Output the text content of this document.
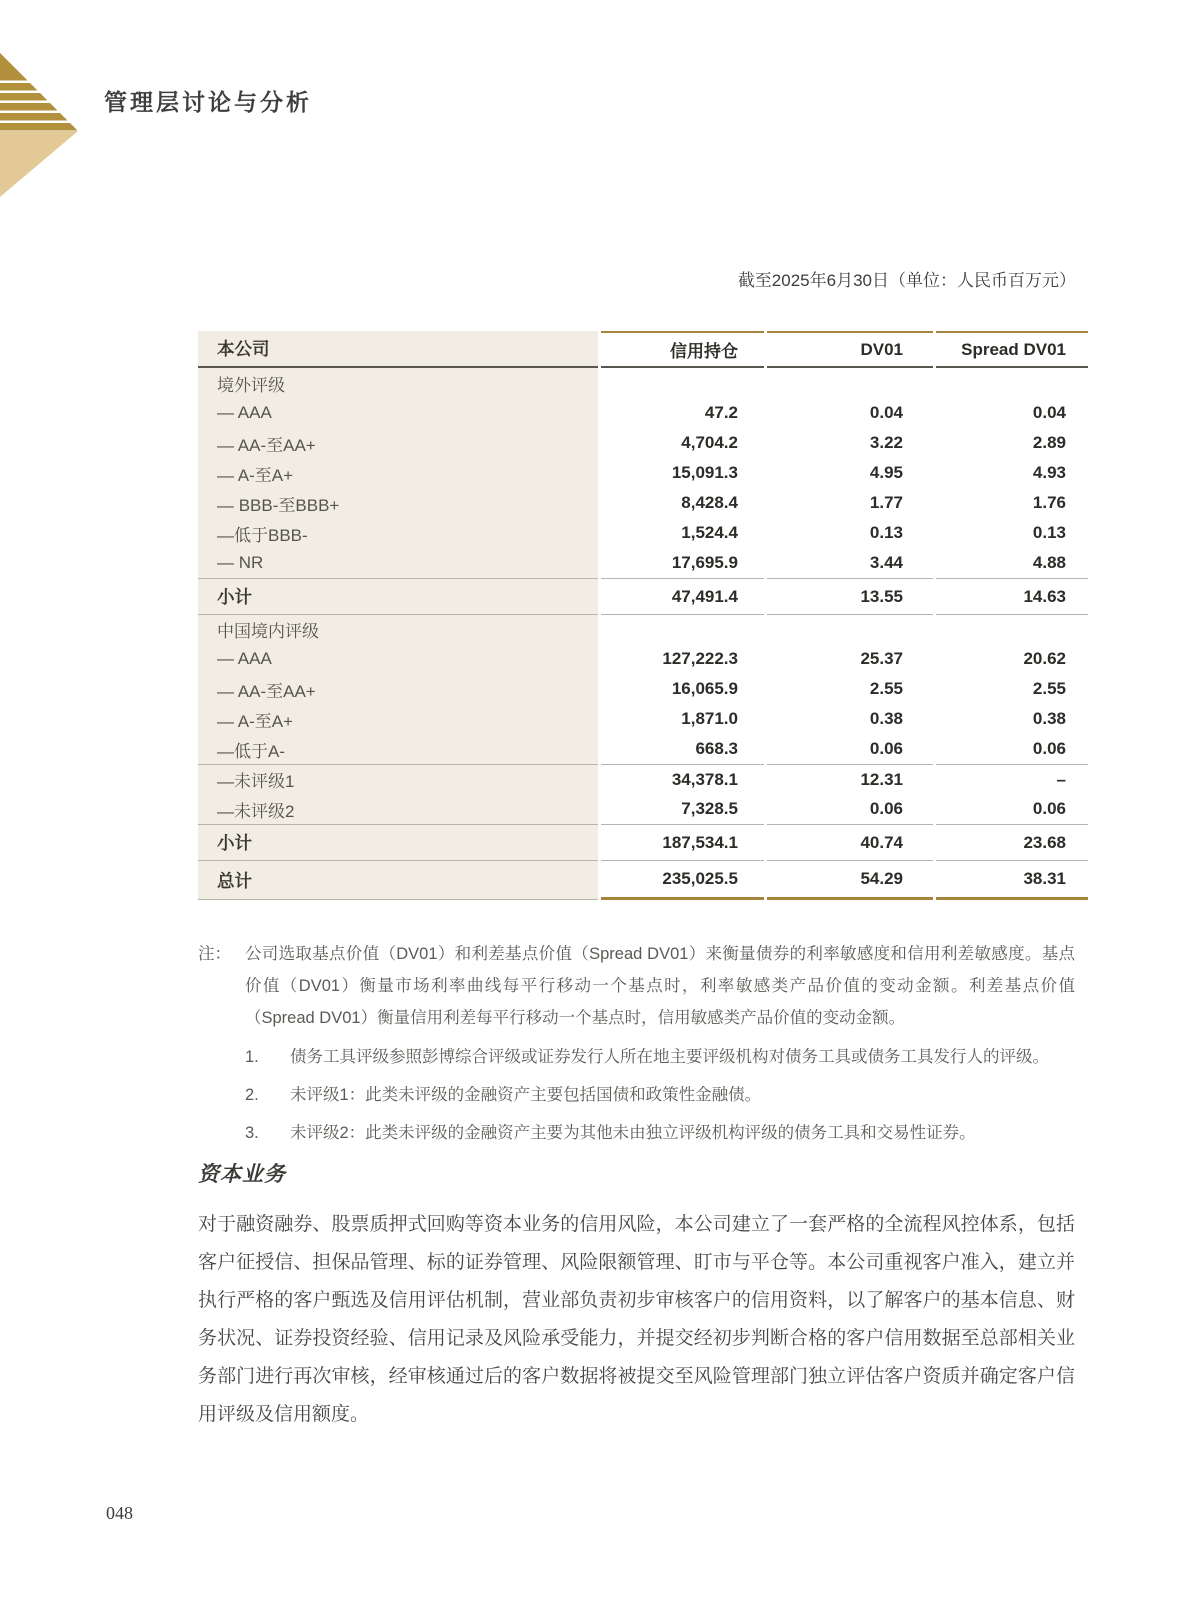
管理层讨论与分析
截至2025年6月30日（单位：人民币百万元）
本公司	信用持仓	DV01	Spread DV01
境外评级
— AAA	47.2	0.04	0.04
— AA-至AA+	4,704.2	3.22	2.89
— A-至A+	15,091.3	4.95	4.93
— BBB-至BBB+	8,428.4	1.77	1.76
—低于BBB-	1,524.4	0.13	0.13
— NR	17,695.9	3.44	4.88
小计	47,491.4	13.55	14.63
中国境内评级
— AAA	127,222.3	25.37	20.62
— AA-至AA+	16,065.9	2.55	2.55
— A-至A+	1,871.0	0.38	0.38
—低于A-	668.3	0.06	0.06
—未评级1	34,378.1	12.31	–
—未评级2	7,328.5	0.06	0.06
小计	187,534.1	40.74	23.68
总计	235,025.5	54.29	38.31
注： 公司选取基点价值（DV01）和利差基点价值（Spread DV01）来衡量债券的利率敏感度和信用利差敏感度。基点价值（DV01）衡量市场利率曲线每平行移动一个基点时，利率敏感类产品价值的变动金额。利差基点价值（Spread DV01）衡量信用利差每平行移动一个基点时，信用敏感类产品价值的变动金额。
1.	债务工具评级参照彭博综合评级或证券发行人所在地主要评级机构对债务工具或债务工具发行人的评级。
2.	未评级1：此类未评级的金融资产主要包括国债和政策性金融债。
3.	未评级2：此类未评级的金融资产主要为其他未由独立评级机构评级的债务工具和交易性证券。
资本业务
对于融资融券、股票质押式回购等资本业务的信用风险，本公司建立了一套严格的全流程风控体系，包括客户征授信、担保品管理、标的证券管理、风险限额管理、盯市与平仓等。本公司重视客户准入，建立并执行严格的客户甄选及信用评估机制，营业部负责初步审核客户的信用资料，以了解客户的基本信息、财务状况、证券投资经验、信用记录及风险承受能力，并提交经初步判断合格的客户信用数据至总部相关业务部门进行再次审核，经审核通过后的客户数据将被提交至风险管理部门独立评估客户资质并确定客户信用评级及信用额度。
048
